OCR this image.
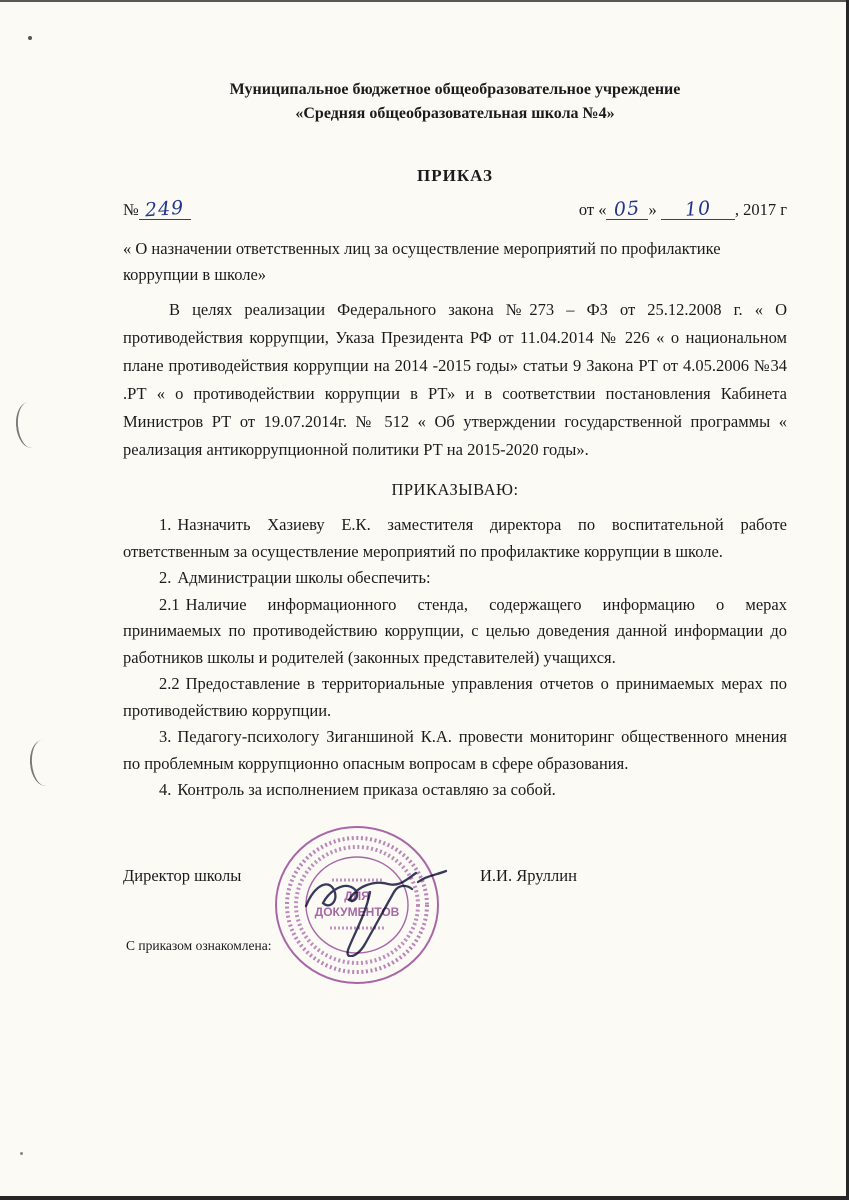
Муниципальное бюджетное общеобразовательное учреждение
«Средняя общеобразовательная школа №4»
ПРИКАЗ
№ 249	от « 05 » 10 , 2017 г

« О назначении ответственных лиц за осуществление мероприятий по профилактике коррупции в школе»

В целях реализации Федерального закона №273 – ФЗ от 25.12.2008 г. « О противодействия коррупции, Указа Президента РФ от 11.04.2014 № 226 « о национальном плане противодействия коррупции на 2014 -2015 годы» статьи 9 Закона РТ от 4.05.2006 №34 .РТ « о противодействии коррупции в РТ» и в соответствии постановления Кабинета Министров РТ от 19.07.2014г. № 512 « Об утверждении государственной программы « реализация антикоррупционной политики РТ на 2015-2020 годы».

ПРИКАЗЫВАЮ:

1. Назначить Хазиеву Е.К. заместителя директора по воспитательной работе ответственным за осуществление мероприятий по профилактике коррупции в школе.

2. Администрации школы обеспечить:

2.1 Наличие информационного стенда, содержащего информацию о мерах принимаемых по противодействию коррупции, с целью доведения данной информации до работников школы и родителей (законных представителей) учащихся.

2.2 Предоставление в территориальные управления отчетов о принимаемых мерах по противодействию коррупции.

3. Педагогу-психологу Зиганшиной К.А. провести мониторинг общественного мнения по проблемным коррупционно опасным вопросам в сфере образования.

4. Контроль за исполнением приказа оставляю за собой.

ДЛЯ
ДОКУМЕНТОВ
Директор школы	И.И. Яруллин
С приказом ознакомлена:
